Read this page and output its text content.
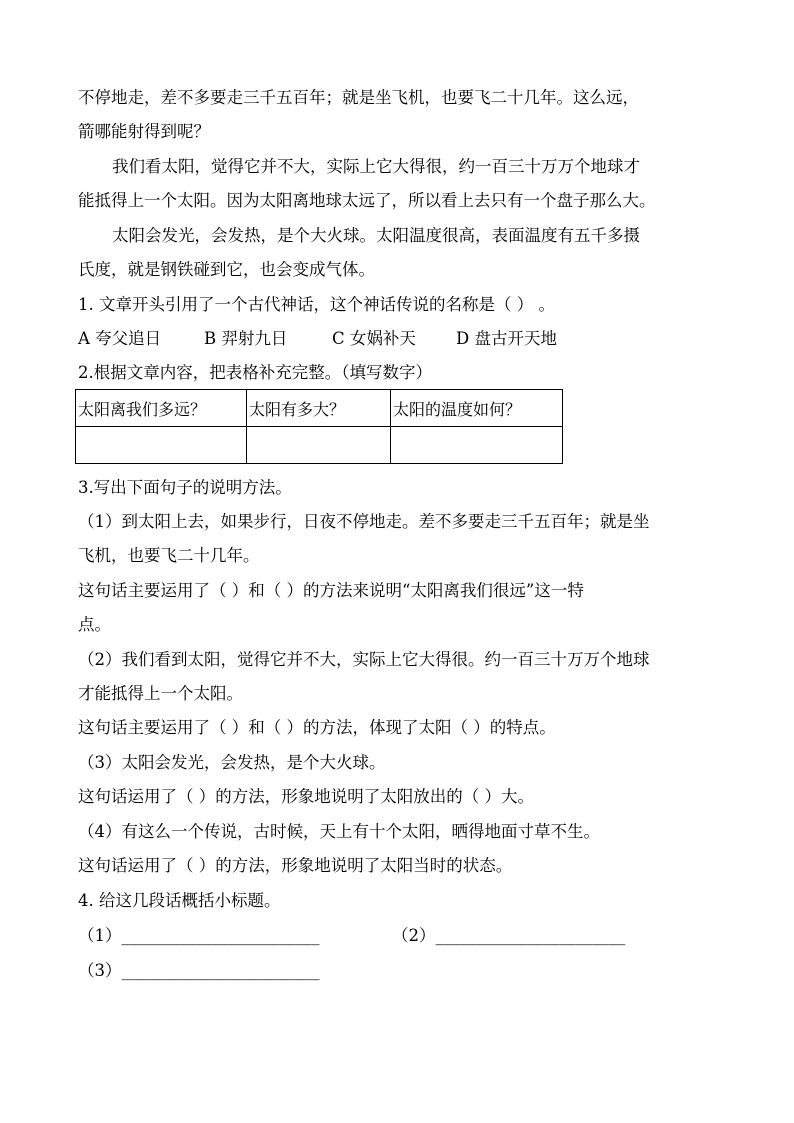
不停地走，差不多要走三千五百年；就是坐飞机，也要飞二十几年。这么远，
箭哪能射得到呢？
我们看太阳，觉得它并不大，实际上它大得很，约一百三十万万个地球才
能抵得上一个太阳。因为太阳离地球太远了，所以看上去只有一个盘子那么大。
太阳会发光，会发热，是个大火球。太阳温度很高，表面温度有五千多摄
氏度，就是钢铁碰到它，也会变成气体。
1. 文章开头引用了一个古代神话，这个神话传说的名称是（ ） 。
A 夸父追日	B 羿射九日	C 女娲补天 D 盘古开天地
2.根据文章内容，把表格补充完整。（填写数字）
太阳离我们多远？	太阳有多大？	太阳的温度如何？

3.写出下面句子的说明方法。
（1）到太阳上去，如果步行，日夜不停地走。差不多要走三千五百年；就是坐
飞机，也要飞二十几年。
这句话主要运用了（ ）和（ ）的方法来说明“太阳离我们很远”这一特
点。
（2）我们看到太阳，觉得它并不大，实际上它大得很。约一百三十万万个地球
才能抵得上一个太阳。
这句话主要运用了（ ）和（ ）的方法，体现了太阳（ ）的特点。
（3）太阳会发光，会发热，是个大火球。
这句话运用了（ ）的方法，形象地说明了太阳放出的（ ）大。
（4）有这么一个传说，古时候，天上有十个太阳，晒得地面寸草不生。
这句话运用了（ ）的方法，形象地说明了太阳当时的状态。
4. 给这几段话概括小标题。
（1）________________________	（2）_______________________
（3）________________________
